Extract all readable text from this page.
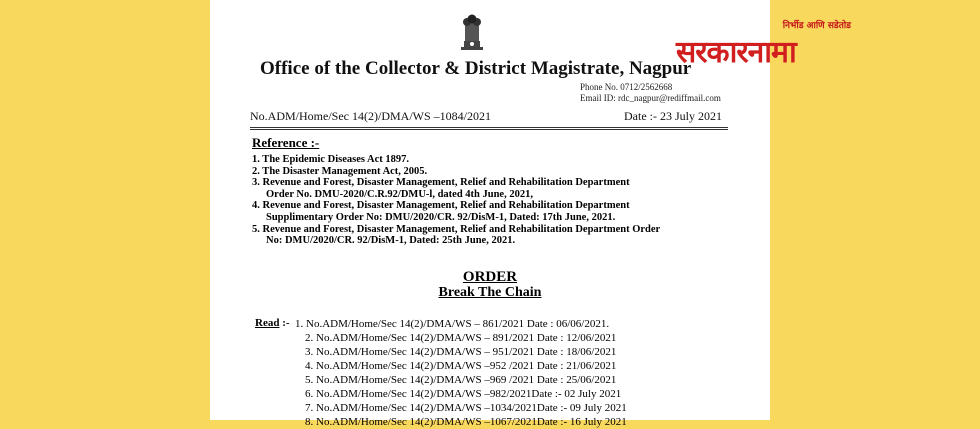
Office of the Collector & District Magistrate, Nagpur
Phone No. 0712/2562668
Email ID: rdc_nagpur@rediffmail.com
No.ADM/Home/Sec 14(2)/DMA/WS –1084/2021	Date :- 23 July 2021
Reference :-
1. The Epidemic Diseases Act 1897.
2. The Disaster Management Act, 2005.
3. Revenue and Forest, Disaster Management, Relief and Rehabilitation Department
Order No. DMU-2020/C.R.92/DMU-l, dated 4th June, 2021,
4. Revenue and Forest, Disaster Management, Relief and Rehabilitation Department
Supplimentary Order No: DMU/2020/CR. 92/DisM-1, Dated: 17th June, 2021.
5. Revenue and Forest, Disaster Management, Relief and Rehabilitation Department Order
No: DMU/2020/CR. 92/DisM-1, Dated: 25th June, 2021.
ORDER
Break The Chain
Read :- 1. No.ADM/Home/Sec 14(2)/DMA/WS – 861/2021 Date : 06/06/2021.
2. No.ADM/Home/Sec 14(2)/DMA/WS – 891/2021 Date : 12/06/2021
3. No.ADM/Home/Sec 14(2)/DMA/WS – 951/2021 Date : 18/06/2021
4. No.ADM/Home/Sec 14(2)/DMA/WS –952 /2021 Date : 21/06/2021
5. No.ADM/Home/Sec 14(2)/DMA/WS –969 /2021 Date : 25/06/2021
6. No.ADM/Home/Sec 14(2)/DMA/WS –982/2021Date :- 02 July 2021
7. No.ADM/Home/Sec 14(2)/DMA/WS –1034/2021Date :- 09 July 2021
8. No.ADM/Home/Sec 14(2)/DMA/WS –1067/2021Date :- 16 July 2021
निर्भीड आणि सडेतोड
सरकारनामा
